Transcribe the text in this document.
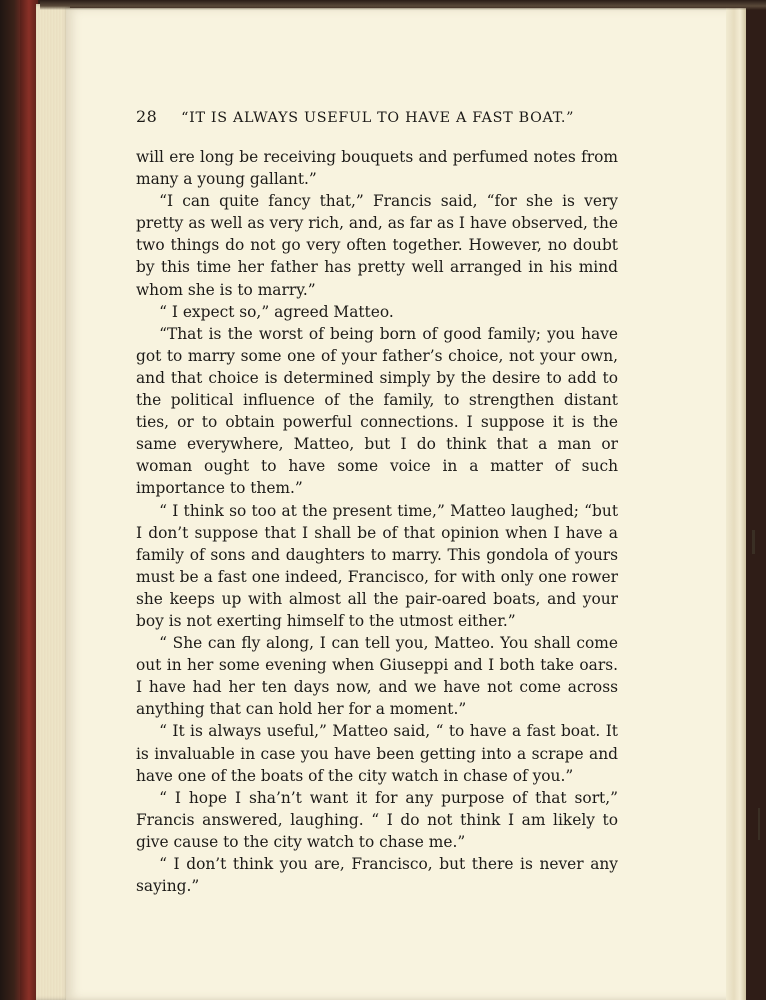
28 “IT IS ALWAYS USEFUL TO HAVE A FAST BOAT.”

will ere long be receiving bouquets and perfumed notes from many a young gallant.”

“I can quite fancy that,” Francis said, “for she is very pretty as well as very rich, and, as far as I have observed, the two things do not go very often together. However, no doubt by this time her father has pretty well arranged in his mind whom she is to marry.”

“ I expect so,” agreed Matteo.

“That is the worst of being born of good family; you have got to marry some one of your father’s choice, not your own, and that choice is determined simply by the desire to add to the political influence of the family, to strengthen distant ties, or to obtain powerful connections. I suppose it is the same everywhere, Matteo, but I do think that a man or woman ought to have some voice in a matter of such importance to them.”

“ I think so too at the present time,” Matteo laughed; “but I don’t suppose that I shall be of that opinion when I have a family of sons and daughters to marry. This gondola of yours must be a fast one indeed, Francisco, for with only one rower she keeps up with almost all the pair-oared boats, and your boy is not exerting himself to the utmost either.”

“ She can fly along, I can tell you, Matteo. You shall come out in her some evening when Giuseppi and I both take oars. I have had her ten days now, and we have not come across anything that can hold her for a moment.”

“ It is always useful,” Matteo said, “ to have a fast boat. It is invaluable in case you have been getting into a scrape and have one of the boats of the city watch in chase of you.”

“ I hope I sha’n’t want it for any purpose of that sort,” Francis answered, laughing. “ I do not think I am likely to give cause to the city watch to chase me.”

“ I don’t think you are, Francisco, but there is never any saying.”
